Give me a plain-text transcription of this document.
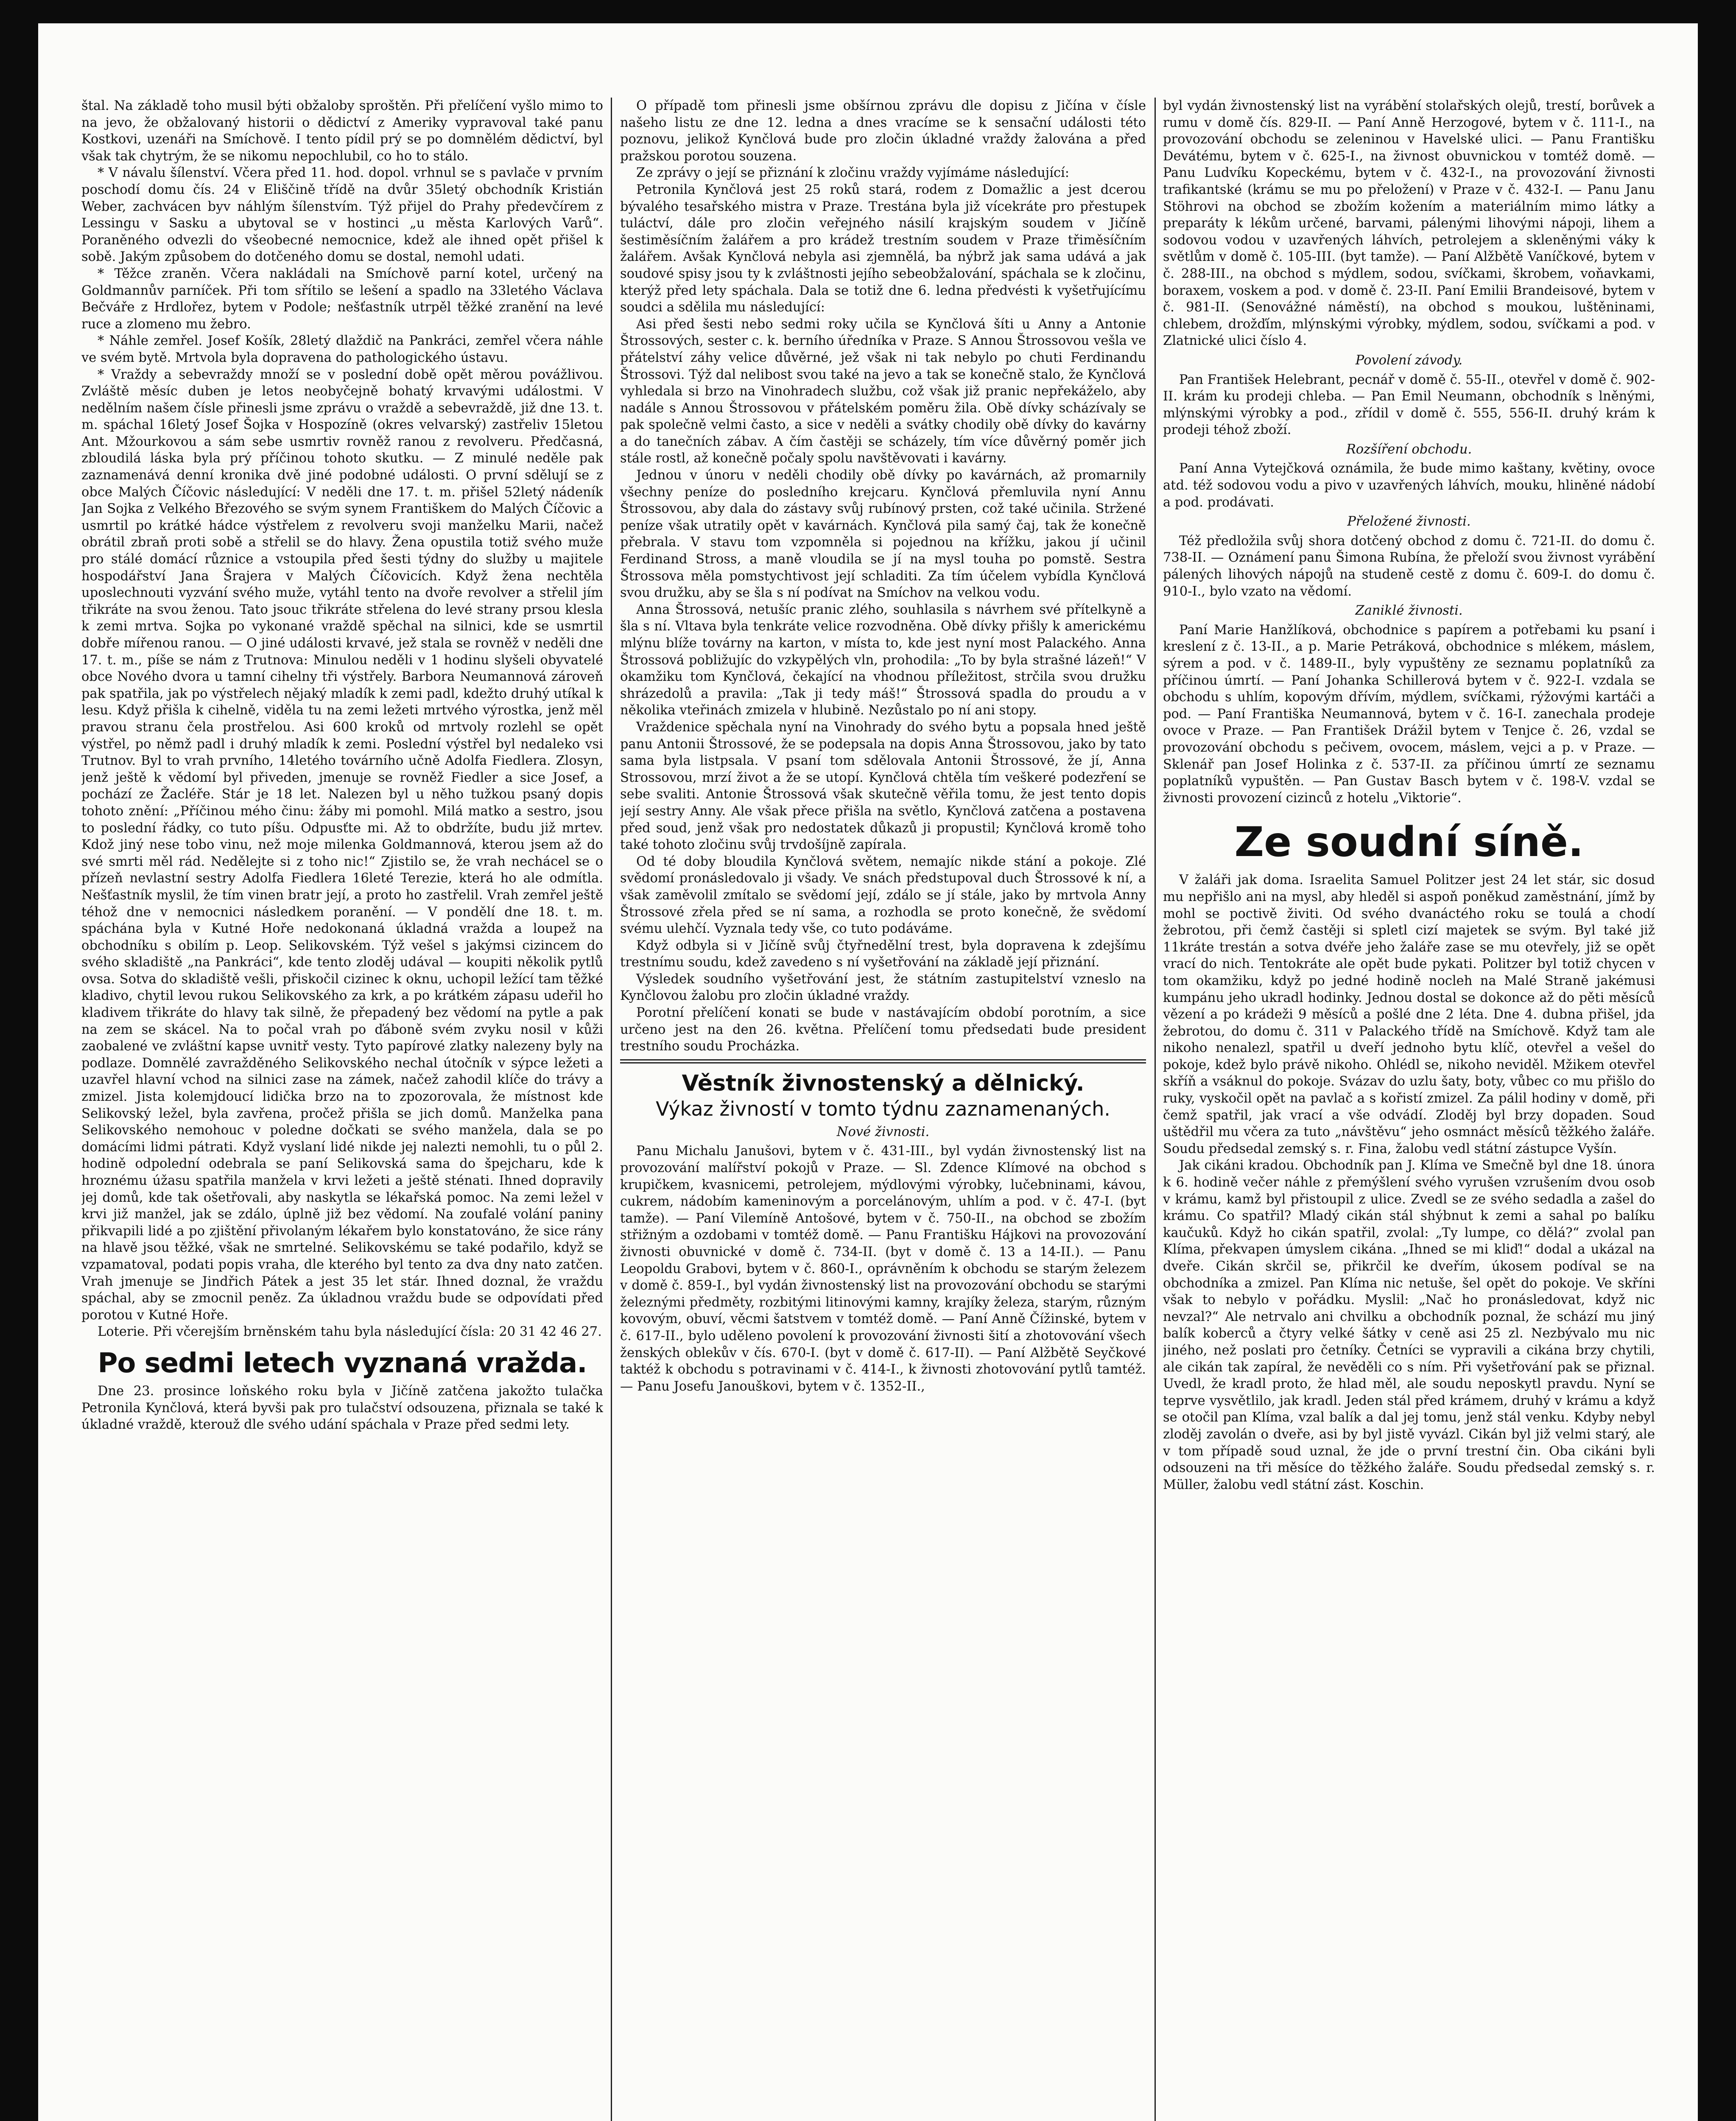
štal. Na základě toho musil býti obžaloby sproštěn. Při přelíčení vyšlo mimo to na jevo, že obžalovaný historii o dědictví z Ameriky vypravoval také panu Kostkovi, uzenáři na Smíchově. I tento pídil prý se po domnělém dědictví, byl však tak chytrým, že se nikomu nepochlubil, co ho to stálo.

* V návalu šílenství. Včera před 11. hod. dopol. vrhnul se s pavlače v prvním poschodí domu čís. 24 v Eliščině třídě na dvůr 35letý obchodník Kristián Weber, zachvácen byv náhlým šílenstvím. Týž přijel do Prahy předevčírem z Lessingu v Sasku a ubytoval se v hostinci „u města Karlových Varů“. Poraněného odvezli do všeobecné nemocnice, kdež ale ihned opět přišel k sobě. Jakým způsobem do dotčeného domu se dostal, nemohl udati.

* Těžce zraněn. Včera nakládali na Smíchově parní kotel, určený na Goldmannův parníček. Při tom sřítilo se lešení a spadlo na 33letého Václava Bečváře z Hrdlořez, bytem v Podole; nešťastník utrpěl těžké zranění na levé ruce a zlomeno mu žebro.

* Náhle zemřel. Josef Košík, 28letý dlaždič na Pankráci, zemřel včera náhle ve svém bytě. Mrtvola byla dopravena do pathologického ústavu.

* Vraždy a sebevraždy množí se v poslední době opět měrou povážlivou. Zvláště měsíc duben je letos neobyčejně bohatý krvavými událostmi. V nedělním našem čísle přinesli jsme zprávu o vraždě a sebevraždě, již dne 13. t. m. spáchal 16letý Josef Šojka v Hospozíně (okres velvarský) zastřeliv 15letou Ant. Mžourkovou a sám sebe usmrtiv rovněž ranou z revolveru. Předčasná, zbloudilá láska byla prý příčinou tohoto skutku. — Z minulé neděle pak zaznamenává denní kronika dvě jiné podobné události. O první sdělují se z obce Malých Číčovic následující: V neděli dne 17. t. m. přišel 52letý nádeník Jan Sojka z Velkého Březového se svým synem Františkem do Malých Číčovic a usmrtil po krátké hádce výstřelem z revolveru svoji manželku Marii, načež obrátil zbraň proti sobě a střelil se do hlavy. Žena opustila totiž svého muže pro stálé domácí různice a vstoupila před šesti týdny do služby u majitele hospodářství Jana Šrajera v Malých Číčovicích. Když žena nechtěla uposlechnouti vyzvání svého muže, vytáhl tento na dvoře revolver a střelil jím třikráte na svou ženou. Tato jsouc třikráte střelena do levé strany prsou klesla k zemi mrtva. Sojka po vykonané vraždě spěchal na silnici, kde se usmrtil dobře mířenou ranou. — O jiné události krvavé, jež stala se rovněž v neděli dne 17. t. m., píše se nám z Trutnova: Minulou neděli v 1 hodinu slyšeli obyvatelé obce Nového dvora u tamní cihelny tři výstřely. Barbora Neumannová zároveň pak spatřila, jak po výstřelech nějaký mladík k zemi padl, kdežto druhý utíkal k lesu. Když přišla k cihelně, viděla tu na zemi ležeti mrtvého výrostka, jenž měl pravou stranu čela prostřelou. Asi 600 kroků od mrtvoly rozlehl se opět výstřel, po němž padl i druhý mladík k zemi. Poslední výstřel byl nedaleko vsi Trutnov. Byl to vrah prvního, 14letého továrního učně Adolfa Fiedlera. Zlosyn, jenž ještě k vědomí byl přiveden, jmenuje se rovněž Fiedler a sice Josef, a pochází ze Žacléře. Stár je 18 let. Nalezen byl u něho tužkou psaný dopis tohoto znění: „Příčinou mého činu: žáby mi pomohl. Milá matko a sestro, jsou to poslední řádky, co tuto píšu. Odpusťte mi. Až to obdržíte, budu již mrtev. Kdož jiný nese tobo vinu, než moje milenka Goldmannová, kterou jsem až do své smrti měl rád. Nedělejte si z toho nic!“ Zjistilo se, že vrah nechácel se o přízeň nevlastní sestry Adolfa Fiedlera 16leté Terezie, která ho ale odmítla. Nešťastník myslil, že tím vinen bratr její, a proto ho zastřelil. Vrah zemřel ještě téhož dne v nemocnici následkem poranění. — V pondělí dne 18. t. m. spáchána byla v Kutné Hoře nedokonaná úkladná vražda a loupež na obchodníku s obilím p. Leop. Selikovském. Týž vešel s jakýmsi cizincem do svého skladiště „na Pankráci“, kde tento zloděj udával — koupiti několik pytlů ovsa. Sotva do skladiště vešli, přiskočil cizinec k oknu, uchopil ležící tam těžké kladivo, chytil levou rukou Selikovského za krk, a po krátkém zápasu udeřil ho kladivem třikráte do hlavy tak silně, že přepadený bez vědomí na pytle a pak na zem se skácel. Na to počal vrah po ďáboně svém zvyku nosil v kůži zaobalené ve zvláštní kapse uvnitř vesty. Tyto papírové zlatky nalezeny byly na podlaze. Domnělé zavražděného Selikovského nechal útočník v sýpce ležeti a uzavřel hlavní vchod na silnici zase na zámek, načež zahodil klíče do trávy a zmizel. Jista kolemjdoucí lidička brzo na to zpozorovala, že místnost kde Selikovský ležel, byla zavřena, pročež přišla se jich domů. Manželka pana Selikovského nemohouc v poledne dočkati se svého manžela, dala se po domácími lidmi pátrati. Když vyslaní lidé nikde jej nalezti nemohli, tu o půl 2. hodině odpolední odebrala se paní Selikovská sama do špejcharu, kde k hroznému úžasu spatřila manžela v krvi ležeti a ještě sténati. Ihned dopravily jej domů, kde tak ošetřovali, aby naskytla se lékařská pomoc. Na zemi ležel v krvi již manžel, jak se zdálo, úplně již bez vědomí. Na zoufalé volání paniny přikvapili lidé a po zjištění přivolaným lékařem bylo konstatováno, že sice rány na hlavě jsou těžké, však ne smrtelné. Selikovskému se také podařilo, když se vzpamatoval, podati popis vraha, dle kterého byl tento za dva dny nato zatčen. Vrah jmenuje se Jindřich Pátek a jest 35 let stár. Ihned doznal, že vraždu spáchal, aby se zmocnil peněz. Za úkladnou vraždu bude se odpovídati před porotou v Kutné Hoře.

Loterie. Při včerejším brněnském tahu byla následující čísla: 20 31 42 46 27.

Po sedmi letech vyznaná vražda.

Dne 23. prosince loňského roku byla v Jičíně zatčena jakožto tulačka Petronila Kynčlová, která byvši pak pro tulačství odsouzena, přiznala se také k úkladné vraždě, kterouž dle svého udání spáchala v Praze před sedmi lety.

O případě tom přinesli jsme obšírnou zprávu dle dopisu z Jičína v čísle našeho listu ze dne 12. ledna a dnes vracíme se k sensační události této poznovu, jelikož Kynčlová bude pro zločin úkladné vraždy žalována a před pražskou porotou souzena.

Ze zprávy o její se přiznání k zločinu vraždy vyjímáme následující:

Petronila Kynčlová jest 25 roků stará, rodem z Domažlic a jest dcerou bývalého tesařského mistra v Praze. Trestána byla již vícekráte pro přestupek tuláctví, dále pro zločin veřejného násilí krajským soudem v Jičíně šestiměsíčním žalářem a pro krádež trestním soudem v Praze třiměsíčním žalářem. Avšak Kynčlová nebyla asi zjemnělá, ba nýbrž jak sama udává a jak soudové spisy jsou ty k zvláštnosti jejího sebeobžalování, spáchala se k zločinu, kterýž před lety spáchala. Dala se totiž dne 6. ledna předvésti k vyšetřujícímu soudci a sdělila mu následující:

Asi před šesti nebo sedmi roky učila se Kynčlová šíti u Anny a Antonie Štrossových, sester c. k. berního úředníka v Praze. S Annou Štrossovou vešla ve přátelství záhy velice důvěrné, jež však ni tak nebylo po chuti Ferdinandu Štrossovi. Týž dal nelibost svou také na jevo a tak se konečně stalo, že Kynčlová vyhledala si brzo na Vinohradech službu, což však již pranic nepřekáželo, aby nadále s Annou Štrossovou v přátelském poměru žila. Obě dívky scházívaly se pak společně velmi často, a sice v neděli a svátky chodily obě dívky do kavárny a do tanečních zábav. A čím častěji se scházely, tím více důvěrný poměr jich stále rostl, až konečně počaly spolu navštěvovati i kavárny.

Jednou v únoru v neděli chodily obě dívky po kavárnách, až promarnily všechny peníze do posledního krejcaru. Kynčlová přemluvila nyní Annu Štrossovou, aby dala do zástavy svůj rubínový prsten, což také učinila. Stržené peníze však utratily opět v kavárnách. Kynčlová pila samý čaj, tak že konečně přebrala. V stavu tom vzpomněla si pojednou na křížku, jakou jí učinil Ferdinand Stross, a maně vloudila se jí na mysl touha po pomstě. Sestra Štrossova měla pomstychtivost její schladiti. Za tím účelem vybídla Kynčlová svou družku, aby se šla s ní podívat na Smíchov na velkou vodu.

Anna Štrossová, netušíc pranic zlého, souhlasila s návrhem své přítelkyně a šla s ní. Vltava byla tenkráte velice rozvodněna. Obě dívky přišly k americkému mlýnu blíže továrny na karton, v místa to, kde jest nyní most Palackého. Anna Štrossová pobližujíc do vzkypělých vln, prohodila: „To by byla strašné lázeň!“ V okamžiku tom Kynčlová, čekající na vhodnou příležitost, strčila svou družku shrázedolů a pravila: „Tak ji tedy máš!“ Štrossová spadla do proudu a v několika vteřinách zmizela v hlubině. Nezůstalo po ní ani stopy.

Vraždenice spěchala nyní na Vinohrady do svého bytu a popsala hned ještě panu Antonii Štrossové, že se podepsala na dopis Anna Štrossovou, jako by tato sama byla listpsala. V psaní tom sdělovala Antonii Štrossové, že jí, Anna Strossovou, mrzí život a že se utopí. Kynčlová chtěla tím veškeré podezření se sebe svaliti. Antonie Štrossová však skutečně věřila tomu, že jest tento dopis její sestry Anny. Ale však přece přišla na světlo, Kynčlová zatčena a postavena před soud, jenž však pro nedostatek důkazů ji propustil; Kynčlová kromě toho také tohoto zločinu svůj trvdošíjně zapírala.

Od té doby bloudila Kynčlová světem, nemajíc nikde stání a pokoje. Zlé svědomí pronásledovalo ji všady. Ve snách předstupoval duch Štrossové k ní, a však zaměvolil zmítalo se svědomí její, zdálo se jí stále, jako by mrtvola Anny Štrossové zřela před se ní sama, a rozhodla se proto konečně, že svědomí svému ulehčí. Vyznala tedy vše, co tuto podáváme.

Když odbyla si v Jičíně svůj čtyřnedělní trest, byla dopravena k zdejšímu trestnímu soudu, kdež zavedeno s ní vyšetřování na základě její přiznání.

Výsledek soudního vyšetřování jest, že státním zastupitelství vzneslo na Kynčlovou žalobu pro zločin úkladné vraždy.

Porotní přelíčení konati se bude v nastávajícím období porotním, a sice určeno jest na den 26. května. Přelíčení tomu předsedati bude president trestního soudu Procházka.

Věstník živnostenský a dělnický.
Výkaz živností v tomto týdnu zaznamenaných.
Nové živnosti.

Panu Michalu Janušovi, bytem v č. 431-III., byl vydán živnostenský list na provozování malířství pokojů v Praze. — Sl. Zdence Klímové na obchod s krupičkem, kvasnicemi, petrolejem, mýdlovými výrobky, lučebninami, kávou, cukrem, nádobím kameninovým a porcelánovým, uhlím a pod. v č. 47-I. (byt tamže). — Paní Vilemíně Antošové, bytem v č. 750-II., na obchod se zbožím střižným a ozdobami v tomtéž domě. — Panu Františku Hájkovi na provozování živnosti obuvnické v domě č. 734-II. (byt v domě č. 13 a 14-II.). — Panu Leopoldu Grabovi, bytem v č. 860-I., oprávněním k obchodu se starým železem v domě č. 859-I., byl vydán živnostenský list na provozování obchodu se starými železnými předměty, rozbitými litinovými kamny, krajíky železa, starým, různým kovovým, obuví, věcmi šatstvem v tomtéž domě. — Paní Anně Čížinské, bytem v č. 617-II., bylo uděleno povolení k provozování živnosti šití a zhotovování všech ženských oblekův v čís. 670-I. (byt v domě č. 617-II). — Paní Alžbětě Seyčkové taktéž k obchodu s potravinami v č. 414-I., k živnosti zhotovování pytlů tamtéž. — Panu Josefu Janouškovi, bytem v č. 1352-II.,

byl vydán živnostenský list na vyrábění stolařských olejů, trestí, borůvek a rumu v domě čís. 829-II. — Paní Anně Herzogové, bytem v č. 111-I., na provozování obchodu se zeleninou v Havelské ulici. — Panu Františku Devátému, bytem v č. 625-I., na živnost obuvnickou v tomtéž domě. — Panu Ludvíku Kopeckému, bytem v č. 432-I., na provozování živnosti trafikantské (krámu se mu po přeložení) v Praze v č. 432-I. — Panu Janu Stöhrovi na obchod se zbožím kožením a materiálním mimo látky a preparáty k lékům určené, barvami, pálenými lihovými nápoji, lihem a sodovou vodou v uzavřených láhvích, petrolejem a skleněnými váky k světlům v domě č. 105-III. (byt tamže). — Paní Alžbětě Vaníčkové, bytem v č. 288-III., na obchod s mýdlem, sodou, svíčkami, škrobem, voňavkami, boraxem, voskem a pod. v domě č. 23-II. Paní Emilii Brandeisové, bytem v č. 981-II. (Senovážné náměstí), na obchod s moukou, luštěninami, chlebem, drožďím, mlýnskými výrobky, mýdlem, sodou, svíčkami a pod. v Zlatnické ulici číslo 4.

Povolení závody.

Pan František Helebrant, pecnář v domě č. 55-II., otevřel v domě č. 902-II. krám ku prodeji chleba. — Pan Emil Neumann, obchodník s lněnými, mlýnskými výrobky a pod., zřídil v domě č. 555, 556-II. druhý krám k prodeji téhož zboží.

Rozšíření obchodu.

Paní Anna Vytejčková oznámila, že bude mimo kaštany, květiny, ovoce atd. též sodovou vodu a pivo v uzavřených láhvích, mouku, hliněné nádobí a pod. prodávati.

Přeložené živnosti.

Též předložila svůj shora dotčený obchod z domu č. 721-II. do domu č. 738-II. — Oznámení panu Šimona Rubína, že přeloží svou živnost vyrábění pálených lihových nápojů na studeně cestě z domu č. 609-I. do domu č. 910-I., bylo vzato na vědomí.

Zaniklé živnosti.

Paní Marie Hanžlíková, obchodnice s papírem a potřebami ku psaní i kreslení z č. 13-II., a p. Marie Petráková, obchodnice s mlékem, máslem, sýrem a pod. v č. 1489-II., byly vypuštěny ze seznamu poplatníků za příčinou úmrtí. — Paní Johanka Schillerová bytem v č. 922-I. vzdala se obchodu s uhlím, kopovým dřívím, mýdlem, svíčkami, rýžovými kartáči a pod. — Paní Františka Neumannová, bytem v č. 16-I. zanechala prodeje ovoce v Praze. — Pan František Drážil bytem v Tenjce č. 26, vzdal se provozování obchodu s pečivem, ovocem, máslem, vejci a p. v Praze. — Sklenář pan Josef Holinka z č. 537-II. za příčinou úmrtí ze seznamu poplatníků vypuštěn. — Pan Gustav Basch bytem v č. 198-V. vzdal se živnosti provození cizinců z hotelu „Viktorie“.

Ze soudní síně.

V žaláři jak doma. Israelita Samuel Politzer jest 24 let stár, sic dosud mu nepřišlo ani na mysl, aby hleděl si aspoň poněkud zaměstnání, jímž by mohl se poctivě živiti. Od svého dvanáctého roku se toulá a chodí žebrotou, při čemž častěji si spletl cizí majetek se svým. Byl také již 11kráte trestán a sotva dvéře jeho žaláře zase se mu otevřely, již se opět vrací do nich. Tentokráte ale opět bude pykati. Politzer byl totiž chycen v tom okamžiku, když po jedné hodině nocleh na Malé Straně jakémusi kumpánu jeho ukradl hodinky. Jednou dostal se dokonce až do pěti měsíců vězení a po krádeži 9 měsíců a pošlé dne 2 léta. Dne 4. dubna přišel, jda žebrotou, do domu č. 311 v Palackého třídě na Smíchově. Když tam ale nikoho nenalezl, spatřil u dveří jednoho bytu klíč, otevřel a vešel do pokoje, kdež bylo právě nikoho. Ohlédl se, nikoho neviděl. Mžikem otevřel skříň a vsáknul do pokoje. Svázav do uzlu šaty, boty, vůbec co mu přišlo do ruky, vyskočil opět na pavlač a s kořistí zmizel. Za pálil hodiny v domě, při čemž spatřil, jak vrací a vše odvádí. Zloděj byl brzy dopaden. Soud uštědřil mu včera za tuto „návštěvu“ jeho osmnáct měsíců těžkého žaláře. Soudu předsedal zemský s. r. Fina, žalobu vedl státní zástupce Vyšín.

Jak cikáni kradou. Obchodník pan J. Klíma ve Smečně byl dne 18. února k 6. hodině večer náhle z přemýšlení svého vyrušen vzrušením dvou osob v krámu, kamž byl přistoupil z ulice. Zvedl se ze svého sedadla a zašel do krámu. Co spatřil? Mladý cikán stál shýbnut k zemi a sahal po balíku kaučuků. Když ho cikán spatřil, zvolal: „Ty lumpe, co dělá?“ zvolal pan Klíma, překvapen úmyslem cikána. „Ihned se mi kliď!“ dodal a ukázal na dveře. Cikán skrčil se, přikrčil ke dveřím, úkosem podíval se na obchodníka a zmizel. Pan Klíma nic netuše, šel opět do pokoje. Ve skříni však to nebylo v pořádku. Myslil: „Nač ho pronásledovat, když nic nevzal?“ Ale netrvalo ani chvilku a obchodník poznal, že schází mu jiný balík koberců a čtyry velké šátky v ceně asi 25 zl. Nezbývalo mu nic jiného, než poslati pro četníky. Četníci se vypravili a cikána brzy chytili, ale cikán tak zapíral, že nevěděli co s ním. Při vyšetřování pak se přiznal. Uvedl, že kradl proto, že hlad měl, ale soudu neposkytl pravdu. Nyní se teprve vysvětlilo, jak kradl. Jeden stál před krámem, druhý v krámu a když se otočil pan Klíma, vzal balík a dal jej tomu, jenž stál venku. Kdyby nebyl zloděj zavolán o dveře, asi by byl jistě vyvázl. Cikán byl již velmi starý, ale v tom případě soud uznal, že jde o první trestní čin. Oba cikáni byli odsouzeni na tři měsíce do těžkého žaláře. Soudu předsedal zemský s. r. Müller, žalobu vedl státní zást. Koschin.
